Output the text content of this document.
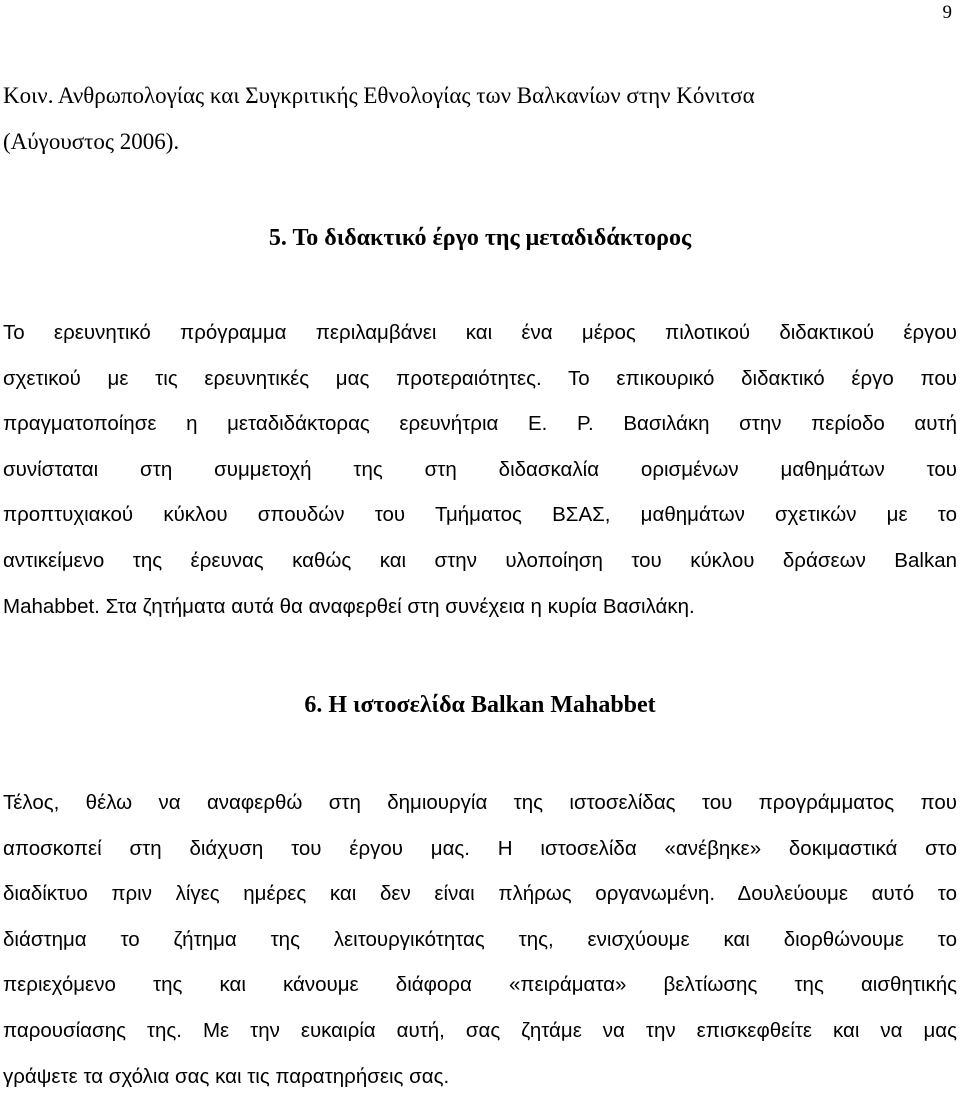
9
Κοιν. Ανθρωπολογίας και Συγκριτικής Εθνολογίας των Βαλκανίων στην Κόνιτσα
(Αύγουστος 2006).
5. Το διδακτικό έργο της μεταδιδάκτορος
Το ερευνητικό πρόγραμμα περιλαμβάνει και ένα μέρος πιλοτικού διδακτικού έργου
σχετικού με τις ερευνητικές μας προτεραιότητες. Το επικουρικό διδακτικό έργο που
πραγματοποίησε η μεταδιδάκτορας ερευνήτρια Ε. Ρ. Βασιλάκη στην περίοδο αυτή
συνίσταται στη συμμετοχή της στη διδασκαλία ορισμένων μαθημάτων του
προπτυχιακού κύκλου σπουδών του Τμήματος ΒΣΑΣ, μαθημάτων σχετικών με το
αντικείμενο της έρευνας καθώς και στην υλοποίηση του κύκλου δράσεων Balkan
Mahabbet. Στα ζητήματα αυτά θα αναφερθεί στη συνέχεια η κυρία Βασιλάκη.
6. Η ιστοσελίδα Balkan Mahabbet
Τέλος, θέλω να αναφερθώ στη δημιουργία της ιστοσελίδας του προγράμματος που
αποσκοπεί στη διάχυση του έργου μας. Η ιστοσελίδα «ανέβηκε» δοκιμαστικά στο
διαδίκτυο πριν λίγες ημέρες και δεν είναι πλήρως οργανωμένη. Δουλεύουμε αυτό το
διάστημα το ζήτημα της λειτουργικότητας της, ενισχύουμε και διορθώνουμε το
περιεχόμενο της και κάνουμε διάφορα «πειράματα» βελτίωσης της αισθητικής
παρουσίασης της. Με την ευκαιρία αυτή, σας ζητάμε να την επισκεφθείτε και να μας
γράψετε τα σχόλια σας και τις παρατηρήσεις σας.
